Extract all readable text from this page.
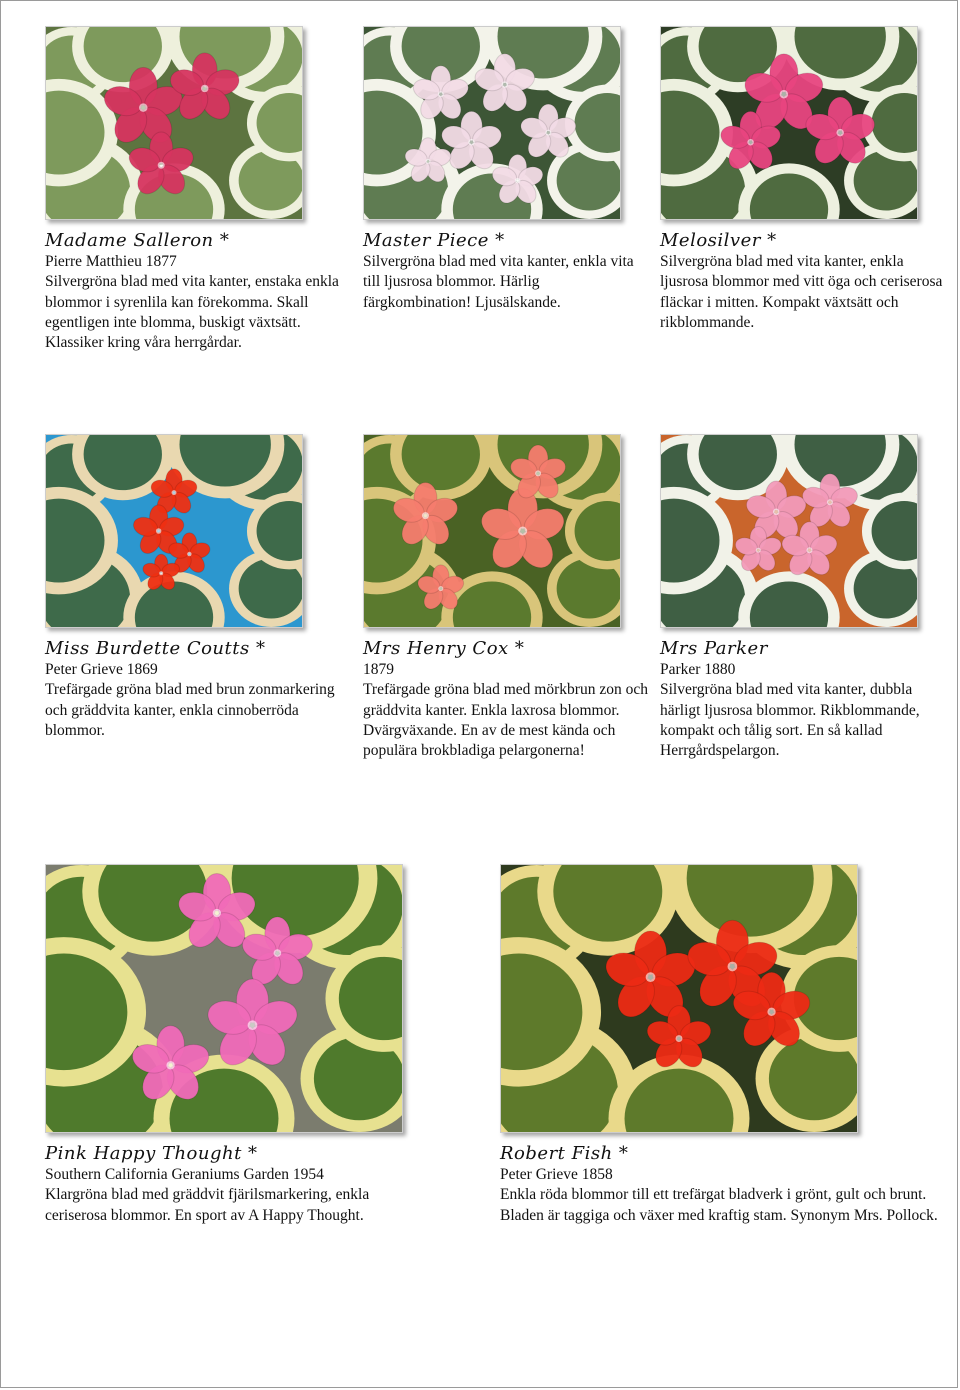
Madame Salleron *
Pierre Matthieu 1877
Silvergröna blad med vita kanter, enstaka enkla blommor i syrenlila kan förekomma. Skall egentligen inte blomma, buskigt växtsätt. Klassiker kring våra herrgårdar.
Master Piece *
Silvergröna blad med vita kanter, enkla vita till ljusrosa blommor. Härlig färgkombination! Ljusälskande.
Melosilver *
Silvergröna blad med vita kanter, enkla ljusrosa blommor med vitt öga och ceriserosa fläckar i mitten. Kompakt växtsätt och rikblommande.
Miss Burdette Coutts *
Peter Grieve 1869
Trefärgade gröna blad med brun zonmarkering och gräddvita kanter, enkla cinnoberröda blommor.
Mrs Henry Cox *
1879
Trefärgade gröna blad med mörkbrun zon och gräddvita kanter. Enkla laxrosa blommor. Dvärgväxande. En av de mest kända och populära brokbladiga pelargonerna!
Mrs Parker
Parker 1880
Silvergröna blad med vita kanter, dubbla härligt ljusrosa blommor. Rikblommande, kompakt och tålig sort. En så kallad Herrgårdspelargon.
Pink Happy Thought *
Southern California Geraniums Garden 1954
Klargröna blad med gräddvit fjärilsmarkering, enkla ceriserosa blommor. En sport av A Happy Thought.
Robert Fish *
Peter Grieve 1858
Enkla röda blommor till ett trefärgat bladverk i grönt, gult och brunt. Bladen är taggiga och växer med kraftig stam. Synonym Mrs. Pollock.
